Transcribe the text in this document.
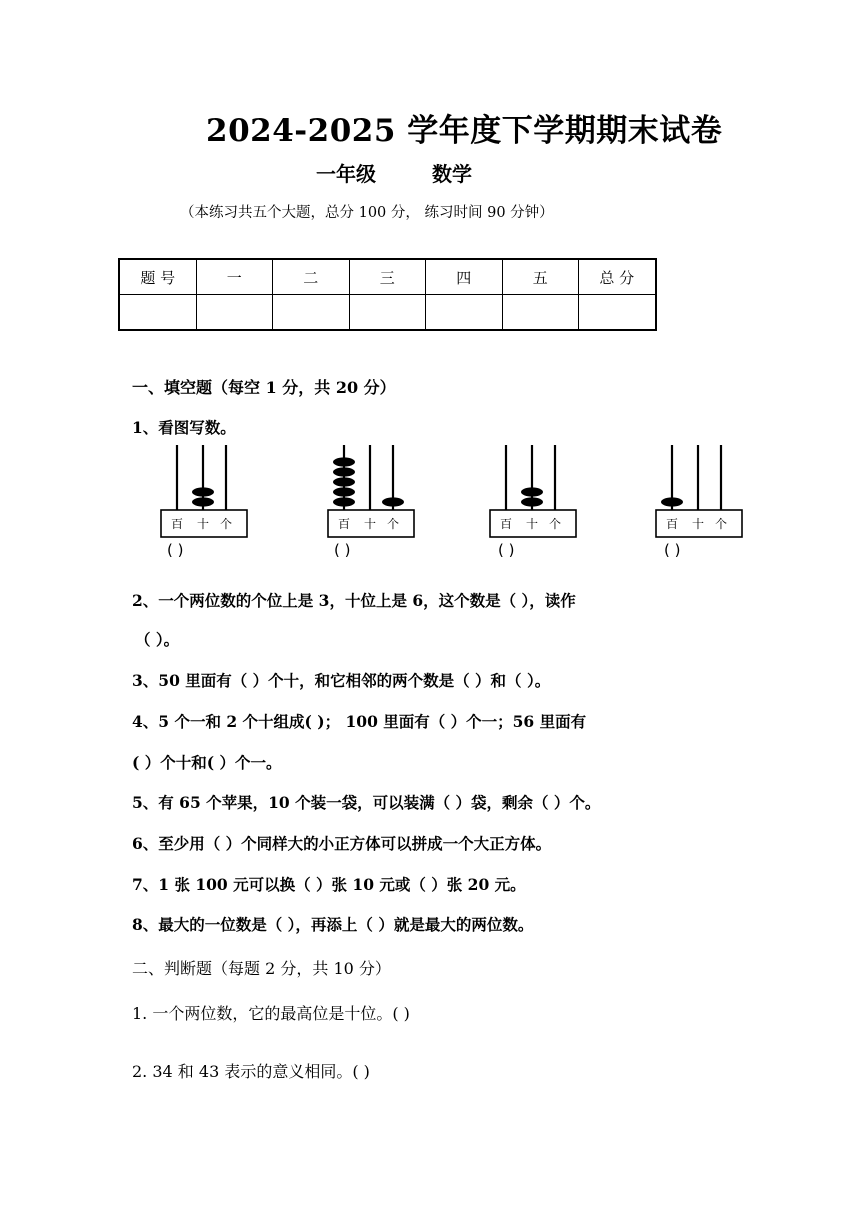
2024-2025 学年度下学期期末试卷
一年级	数学
（本练习共五个大题，总分 100 分， 练习时间 90 分钟）
题 号	一	二	三	四	五	总 分

一、填空题（每空 1 分，共 20 分）
1、看图写数。
百 十 个	百 十 个	百 十 个	百 十 个
( )	( )	( )	( )
2、一个两位数的个位上是 3，十位上是 6，这个数是（ ），读作
（ ）。
3、50 里面有（ ）个十，和它相邻的两个数是（ ）和（ ）。
4、5 个一和 2 个十组成( )； 100 里面有（ ）个一；56 里面有
( ）个十和( ）个一。
5、有 65 个苹果，10 个装一袋，可以装满（ ）袋，剩余（ ）个。
6、至少用（ ）个同样大的小正方体可以拼成一个大正方体。
7、1 张 100 元可以换（ ）张 10 元或（ ）张 20 元。
8、最大的一位数是（ ），再添上（ ）就是最大的两位数。
二、判断题（每题 2 分，共 10 分）
1. 一个两位数，它的最高位是十位。( )
2. 34 和 43 表示的意义相同。( )
